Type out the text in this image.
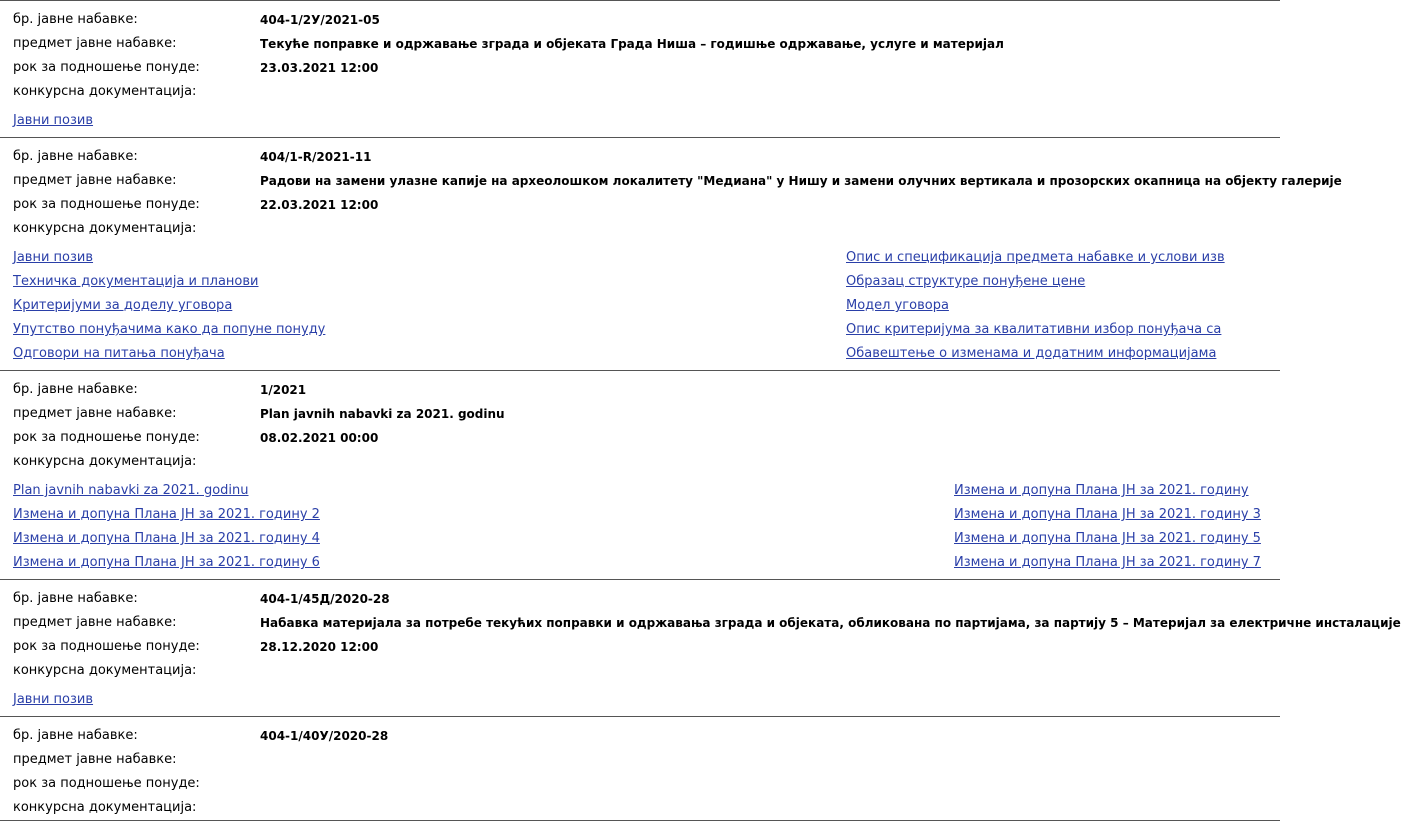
бр. јавне набавке:	404-1/2У/2021-05
предмет јавне набавке:	Текуће поправке и одржавање зграда и објеката Града Ниша – годишње одржавање, услуге и материјал
рок за подношење понуде:	23.03.2021 12:00
конкурсна документација:
Јавни позив
бр. јавне набавке:	404/1-R/2021-11
предмет јавне набавке:	Радови на замени улазне капије на археолошком локалитету "Медиана" у Нишу и замени олучних вертикала и прозорских окапница на објекту галерије
рок за подношење понуде:	22.03.2021 12:00
конкурсна документација:
Јавни позив	Опис и спецификација предмета набавке и услови изв
Техничка документација и планови	Образац структуре понуђене цене
Критеријуми за доделу уговора	Модел уговора
Упутство понуђачима како да попуне понуду	Опис критеријума за квалитативни избор понуђача са
Одговори на питања понуђача	Обавештење о изменама и додатним информацијама
бр. јавне набавке:	1/2021
предмет јавне набавке:	Plan javnih nabavki za 2021. godinu
рок за подношење понуде:	08.02.2021 00:00
конкурсна документација:
Plan javnih nabavki za 2021. godinu	Измена и допуна Плана ЈН за 2021. годину
Измена и допуна Плана ЈН за 2021. годину 2	Измена и допуна Плана ЈН за 2021. годину 3
Измена и допуна Плана ЈН за 2021. годину 4	Измена и допуна Плана ЈН за 2021. годину 5
Измена и допуна Плана ЈН за 2021. годину 6	Измена и допуна Плана ЈН за 2021. годину 7
бр. јавне набавке:	404-1/45Д/2020-28
предмет јавне набавке:	Набавка материјала за потребе текућих поправки и одржавања зграда и објеката, обликована по партијама, за партију 5 – Материјал за електричне инсталације
рок за подношење понуде:	28.12.2020 12:00
конкурсна документација:
Јавни позив
бр. јавне набавке:	404-1/40У/2020-28
предмет јавне набавке:
рок за подношење понуде:
конкурсна документација:
